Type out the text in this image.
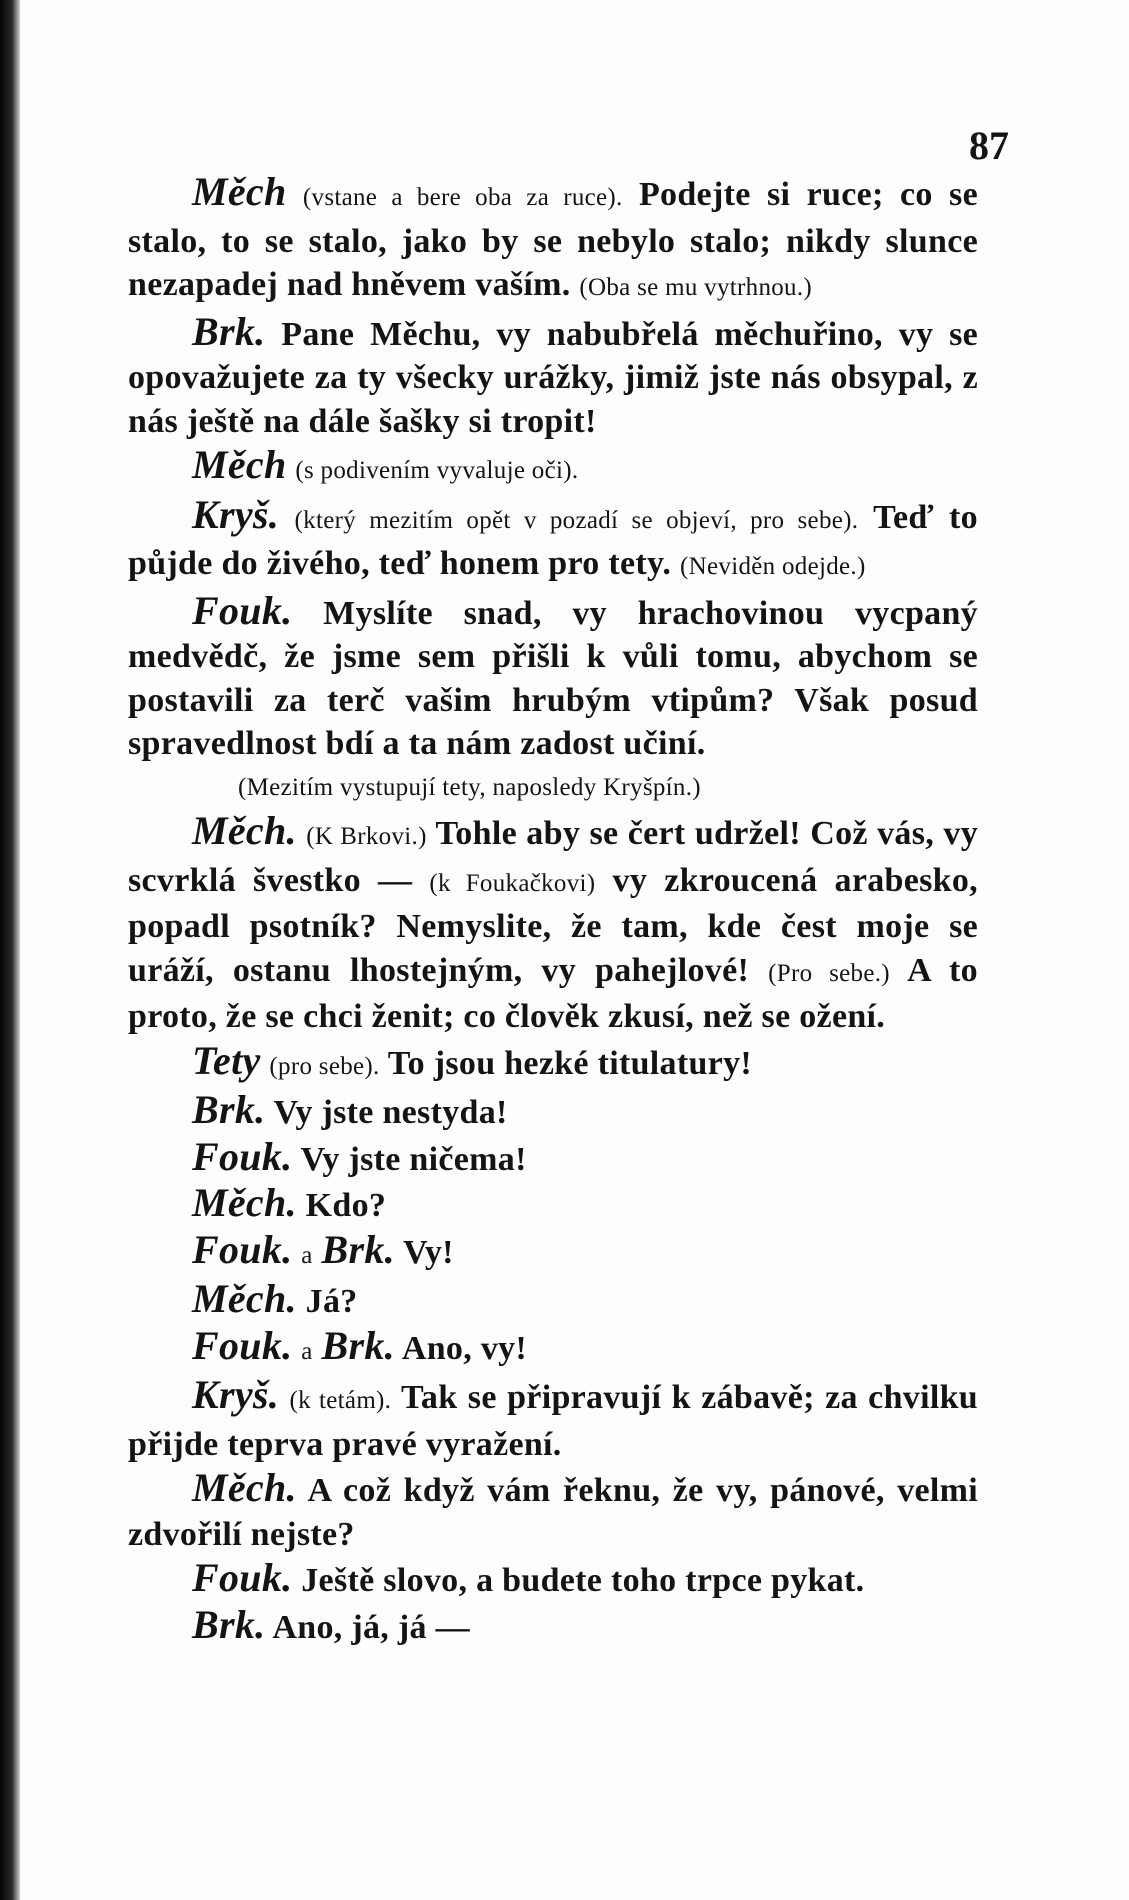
87

Měch (vstane a bere oba za ruce). Podejte si ruce; co se stalo, to se stalo, jako by se nebylo stalo; nikdy slunce nezapadej nad hněvem vaším. (Oba se mu vytrhnou.)

Brk. Pane Měchu, vy nabubřelá měchuřino, vy se opovažujete za ty všecky urážky, jimiž jste nás obsypal, z nás ještě na dále šašky si tropit!

Měch (s podivením vyvaluje oči).

Kryš. (který mezitím opět v pozadí se objeví, pro sebe). Teď to půjde do živého, teď honem pro tety. (Neviděn odejde.)

Fouk. Myslíte snad, vy hrachovinou vycpaný medvědč, že jsme sem přišli k vůli tomu, abychom se postavili za terč vašim hrubým vtipům? Však posud spravedlnost bdí a ta nám zadost učiní.

(Mezitím vystupují tety, naposledy Kryšpín.)

Měch. (K Brkovi.) Tohle aby se čert udržel! Což vás, vy scvrklá švestko — (k Foukačkovi) vy zkroucená arabesko, popadl psotník? Nemyslite, že tam, kde čest moje se uráží, ostanu lhostejným, vy pahejlové! (Pro sebe.) A to proto, že se chci ženit; co člověk zkusí, než se ožení.

Tety (pro sebe). To jsou hezké titulatury!

Brk. Vy jste nestyda!

Fouk. Vy jste ničema!

Měch. Kdo?

Fouk. a Brk. Vy!

Měch. Já?

Fouk. a Brk. Ano, vy!

Kryš. (k tetám). Tak se připravují k zábavě; za chvilku přijde teprva pravé vyražení.

Měch. A což když vám řeknu, že vy, pánové, velmi zdvořilí nejste?

Fouk. Ještě slovo, a budete toho trpce pykat.

Brk. Ano, já, já —
